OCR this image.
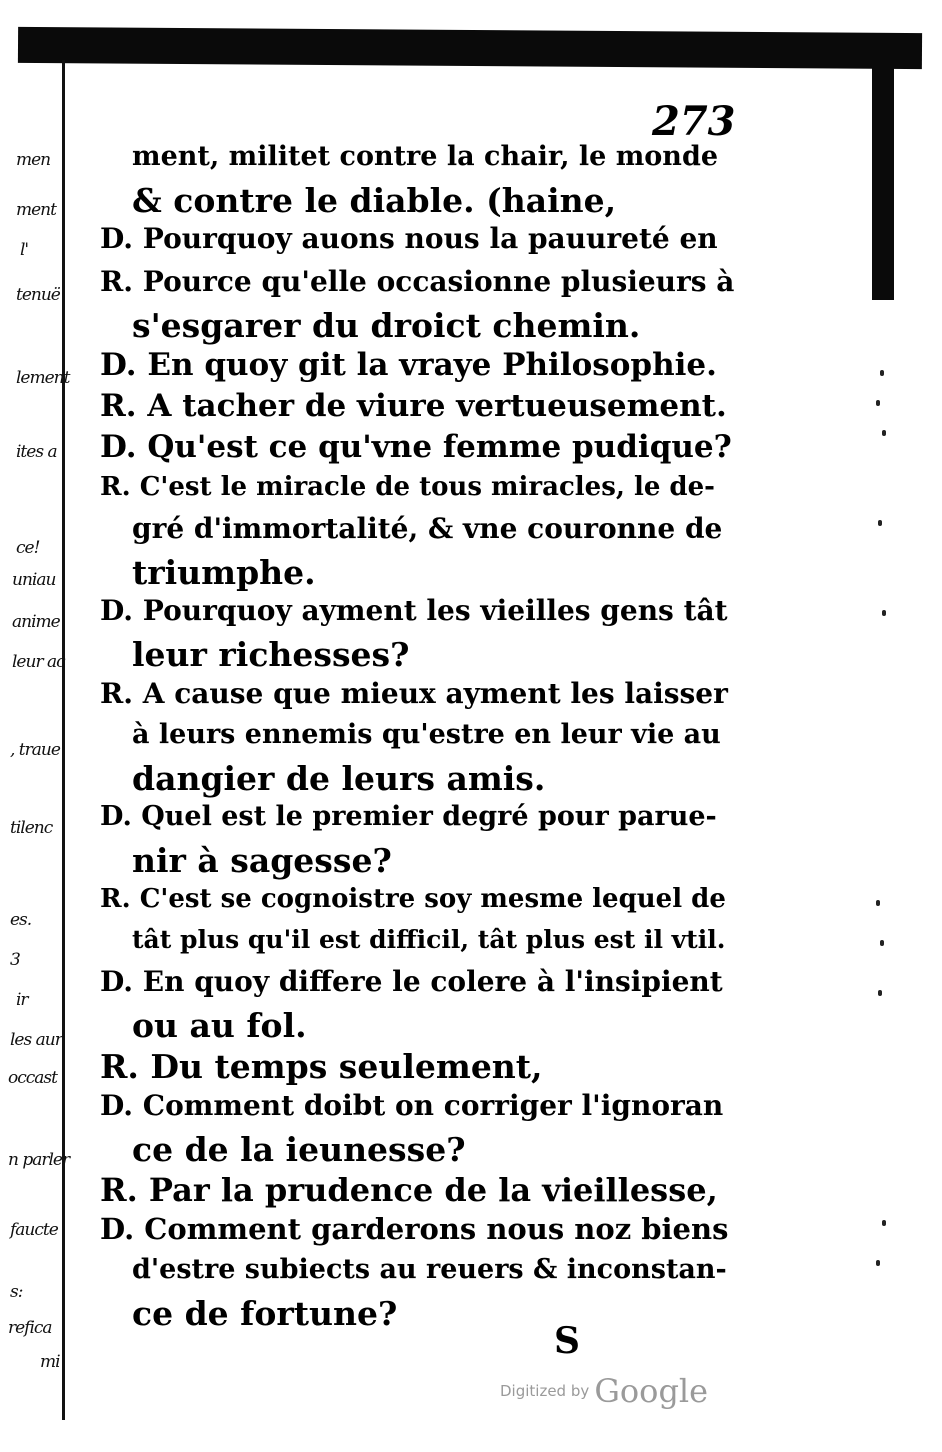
men
ment
l'
tenuë
lement
ites a
ce!
uniau
anime
leur ac
, traue
tilenc
es.
3
ir
les aur
occast
n parler
faucte
s:
refica
mi
273
ment, militet contre la chair, le monde
& contre le diable. (haine,
D. Pourquoy auons nous la pauureté en
R. Pource qu'elle occasionne plusieurs à
s'esgarer du droict chemin.
D. En quoy git la vraye Philosophie.
R. A tacher de viure vertueusement.
D. Qu'est ce qu'vne femme pudique?
R. C'est le miracle de tous miracles, le de-
gré d'immortalité, & vne couronne de
triumphe.
D. Pourquoy ayment les vieilles gens tât
leur richesses?
R. A cause que mieux ayment les laisser
à leurs ennemis qu'estre en leur vie au
dangier de leurs amis.
D. Quel est le premier degré pour parue-
nir à sagesse?
R. C'est se cognoistre soy mesme lequel de
tât plus qu'il est difficil, tât plus est il vtil.
D. En quoy differe le colere à l'insipient
ou au fol.
R. Du temps seulement,
D. Comment doibt on corriger l'ignoran
ce de la ieunesse?
R. Par la prudence de la vieillesse,
D. Comment garderons nous noz biens
d'estre subiects au reuers & inconstan-
ce de fortune?
S
Digitized by Google
